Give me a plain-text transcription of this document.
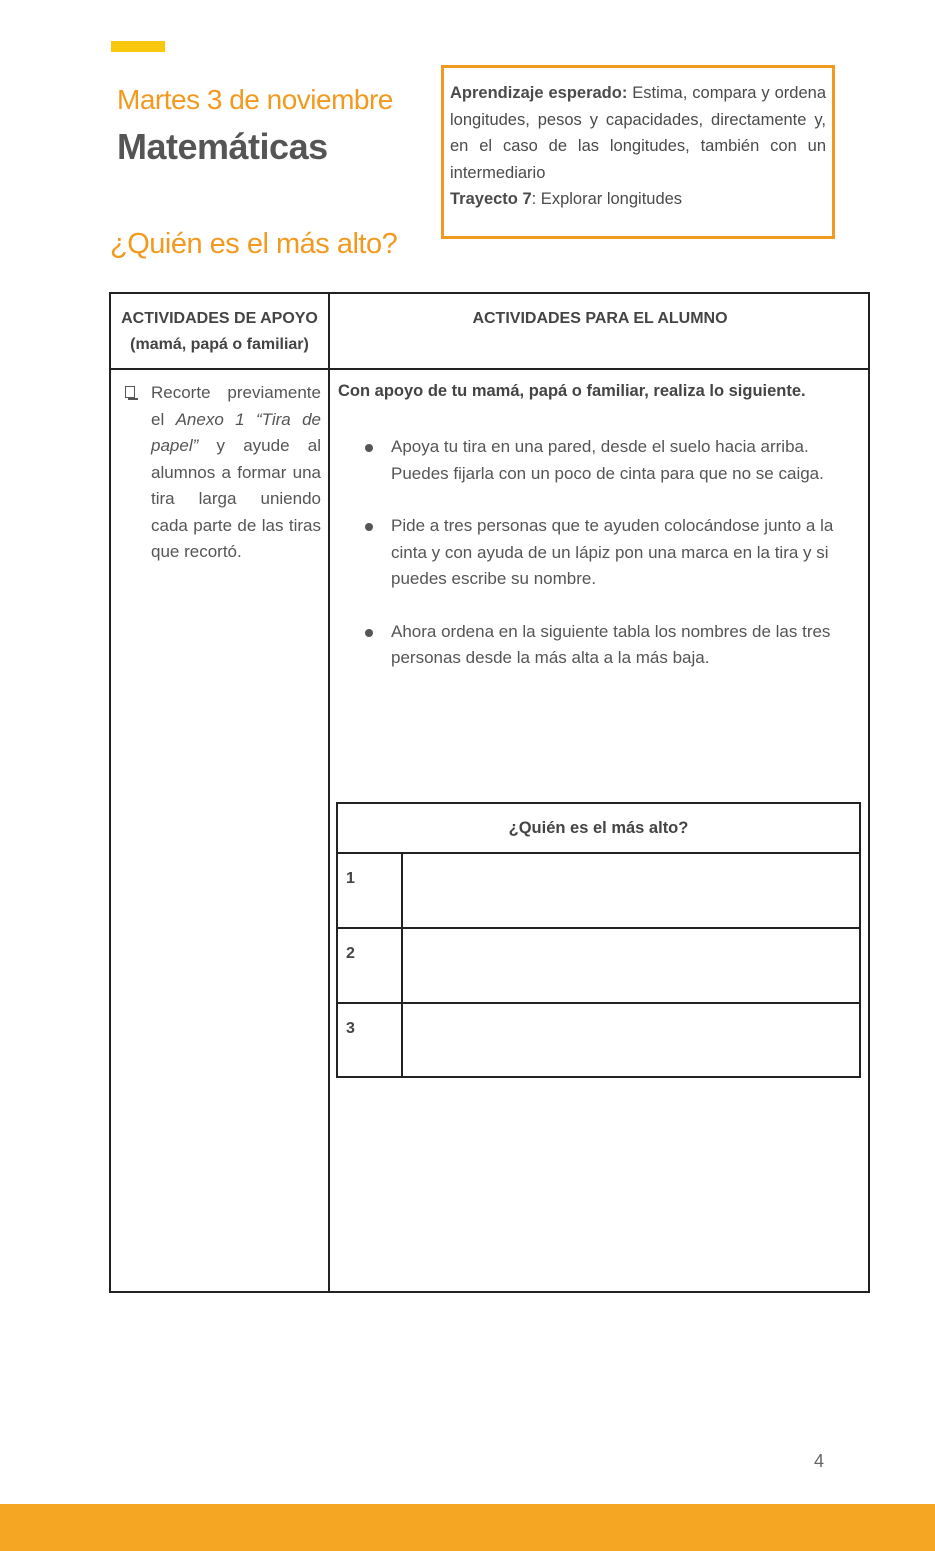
Martes 3 de noviembre
Matemáticas
Aprendizaje esperado: Estima, compara y ordena longitudes, pesos y capacidades, directamente y, en el caso de las longitudes, también con un intermediario
Trayecto 7: Explorar longitudes
¿Quién es el más alto?
ACTIVIDADES DE APOYO
(mamá, papá o familiar)
ACTIVIDADES PARA EL ALUMNO

Recorte previamente el Anexo 1 “Tira de papel” y ayude al alumnos a formar una tira larga uniendo cada parte de las tiras que recortó.

Con apoyo de tu mamá, papá o familiar, realiza lo siguiente.
Apoya tu tira en una pared, desde el suelo hacia arriba. Puedes fijarla con un poco de cinta para que no se caiga.
Pide a tres personas que te ayuden colocándose junto a la cinta y con ayuda de un lápiz pon una marca en la tira y si puedes escribe su nombre.
Ahora ordena en la siguiente tabla los nombres de las tres personas desde la más alta a la más baja.
¿Quién es el más alto?
1
2
3
4
